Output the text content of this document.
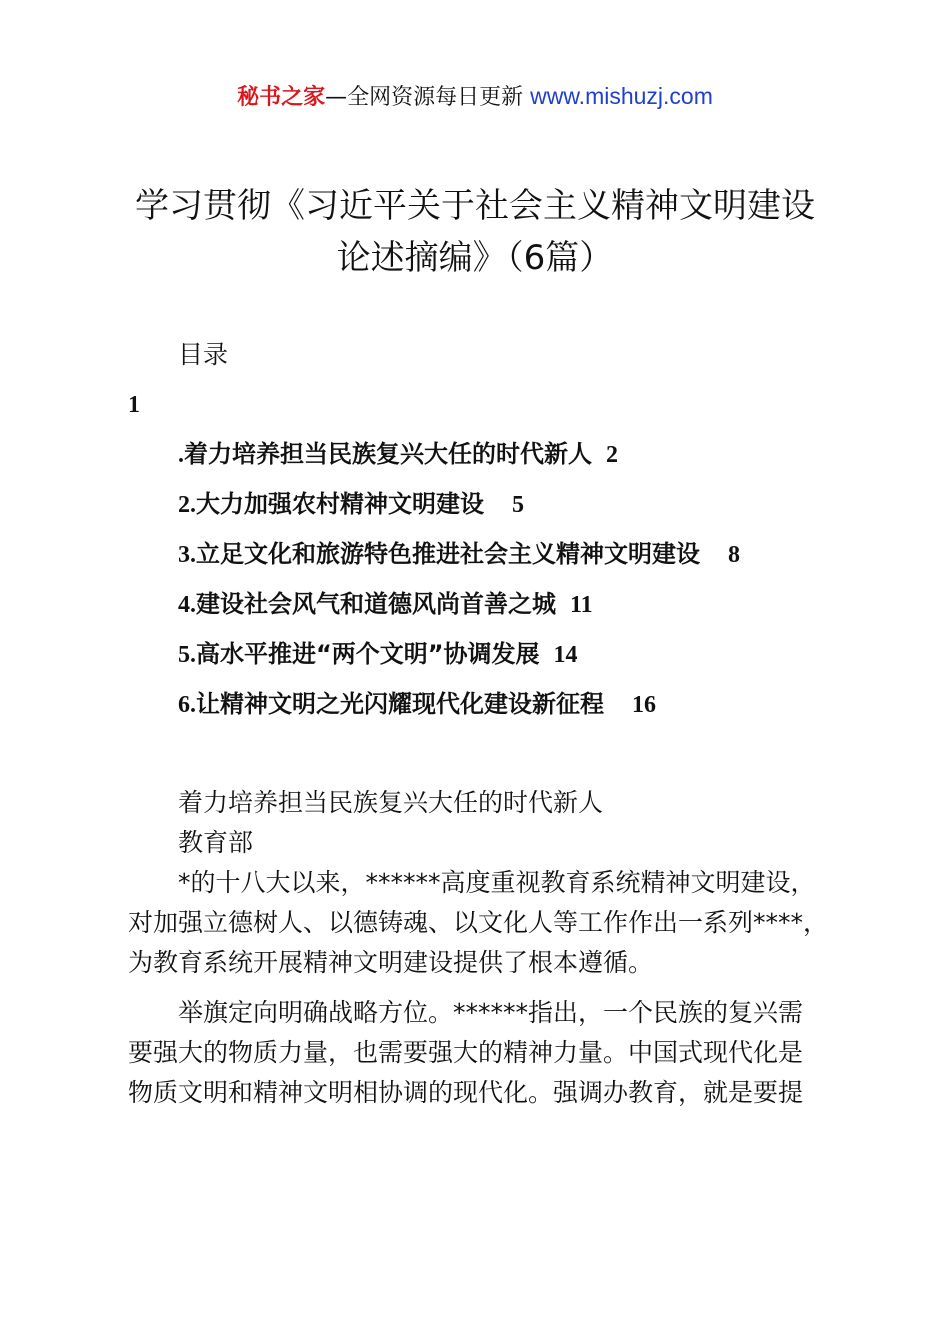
秘书之家—全网资源每日更新 www.mishuzj.com
学习贯彻《习近平关于社会主义精神文明建设
论述摘编》（6篇）
目录
1
.着力培养担当民族复兴大任的时代新人 2
2.大力加强农村精神文明建设 5
3.立足文化和旅游特色推进社会主义精神文明建设 8
4.建设社会风气和道德风尚首善之城 11
5.高水平推进“两个文明”协调发展 14
6.让精神文明之光闪耀现代化建设新征程 16
着力培养担当民族复兴大任的时代新人
教育部
*的十八大以来，******高度重视教育系统精神文明建设，
对加强立德树人、以德铸魂、以文化人等工作作出一系列****，
为教育系统开展精神文明建设提供了根本遵循。
举旗定向明确战略方位。******指出，一个民族的复兴需
要强大的物质力量，也需要强大的精神力量。中国式现代化是
物质文明和精神文明相协调的现代化。强调办教育，就是要提
